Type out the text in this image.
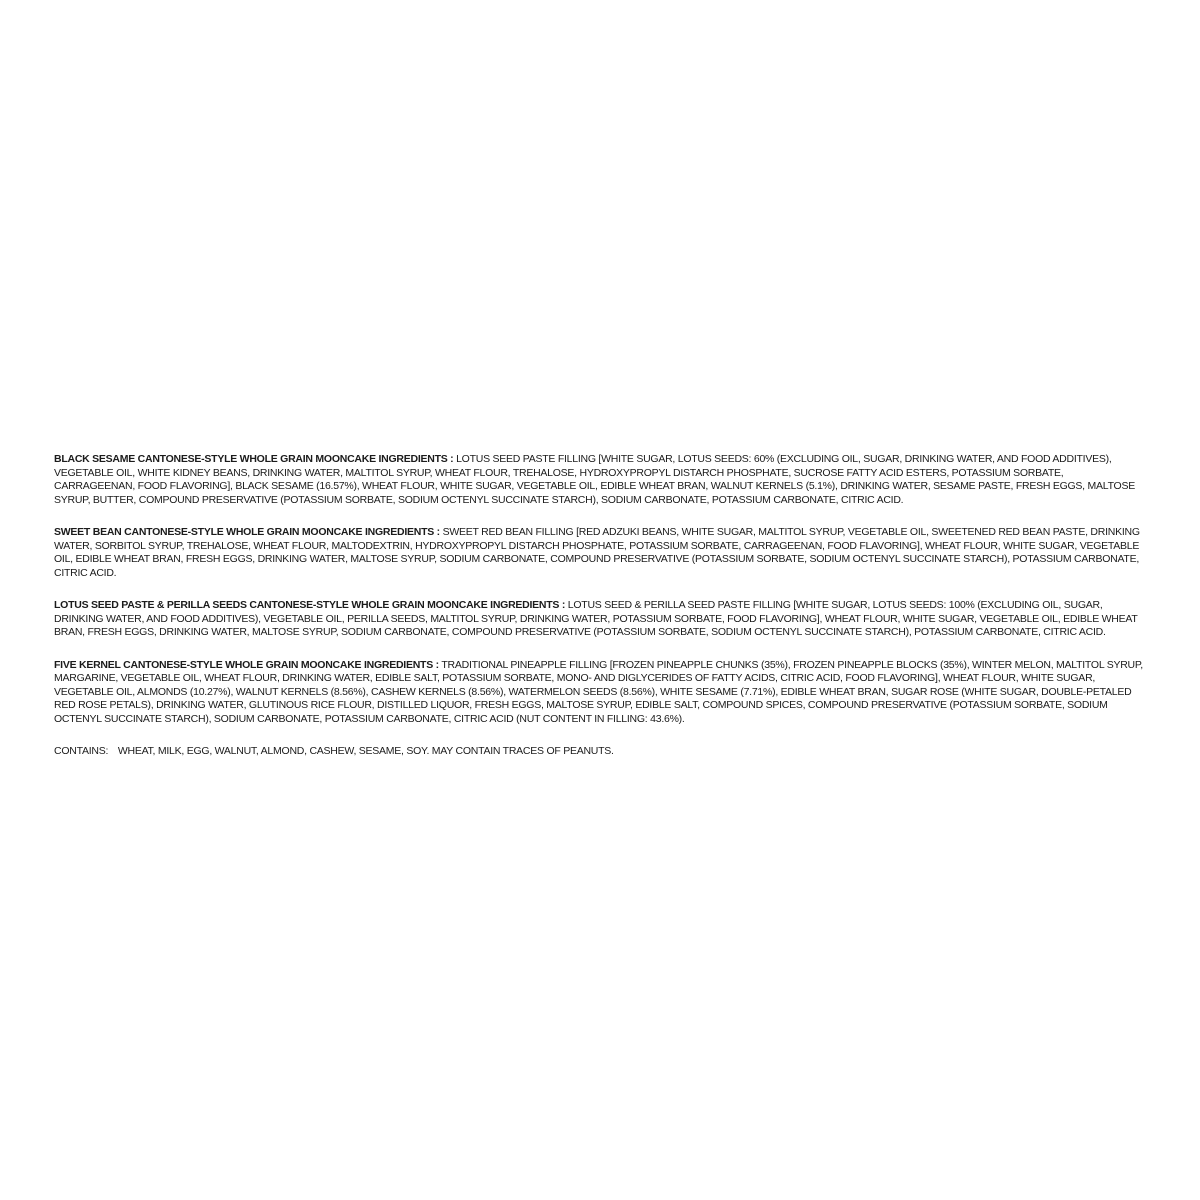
BLACK SESAME CANTONESE-STYLE WHOLE GRAIN MOONCAKE INGREDIENTS : LOTUS SEED PASTE FILLING [WHITE SUGAR, LOTUS SEEDS: 60% (EXCLUDING OIL, SUGAR, DRINKING WATER, AND FOOD ADDITIVES), VEGETABLE OIL, WHITE KIDNEY BEANS, DRINKING WATER, MALTITOL SYRUP, WHEAT FLOUR, TREHALOSE, HYDROXYPROPYL DISTARCH PHOSPHATE, SUCROSE FATTY ACID ESTERS, POTASSIUM SORBATE, CARRAGEENAN, FOOD FLAVORING], BLACK SESAME (16.57%), WHEAT FLOUR, WHITE SUGAR, VEGETABLE OIL, EDIBLE WHEAT BRAN, WALNUT KERNELS (5.1%), DRINKING WATER, SESAME PASTE, FRESH EGGS, MALTOSE SYRUP, BUTTER, COMPOUND PRESERVATIVE (POTASSIUM SORBATE, SODIUM OCTENYL SUCCINATE STARCH), SODIUM CARBONATE, POTASSIUM CARBONATE, CITRIC ACID.

SWEET BEAN CANTONESE-STYLE WHOLE GRAIN MOONCAKE INGREDIENTS : SWEET RED BEAN FILLING [RED ADZUKI BEANS, WHITE SUGAR, MALTITOL SYRUP, VEGETABLE OIL, SWEETENED RED BEAN PASTE, DRINKING WATER, SORBITOL SYRUP, TREHALOSE, WHEAT FLOUR, MALTODEXTRIN, HYDROXYPROPYL DISTARCH PHOSPHATE, POTASSIUM SORBATE, CARRAGEENAN, FOOD FLAVORING], WHEAT FLOUR, WHITE SUGAR, VEGETABLE OIL, EDIBLE WHEAT BRAN, FRESH EGGS, DRINKING WATER, MALTOSE SYRUP, SODIUM CARBONATE, COMPOUND PRESERVATIVE (POTASSIUM SORBATE, SODIUM OCTENYL SUCCINATE STARCH), POTASSIUM CARBONATE, CITRIC ACID.

LOTUS SEED PASTE & PERILLA SEEDS CANTONESE-STYLE WHOLE GRAIN MOONCAKE INGREDIENTS : LOTUS SEED & PERILLA SEED PASTE FILLING [WHITE SUGAR, LOTUS SEEDS: 100% (EXCLUDING OIL, SUGAR, DRINKING WATER, AND FOOD ADDITIVES), VEGETABLE OIL, PERILLA SEEDS, MALTITOL SYRUP, DRINKING WATER, POTASSIUM SORBATE, FOOD FLAVORING], WHEAT FLOUR, WHITE SUGAR, VEGETABLE OIL, EDIBLE WHEAT BRAN, FRESH EGGS, DRINKING WATER, MALTOSE SYRUP, SODIUM CARBONATE, COMPOUND PRESERVATIVE (POTASSIUM SORBATE, SODIUM OCTENYL SUCCINATE STARCH), POTASSIUM CARBONATE, CITRIC ACID.

FIVE KERNEL CANTONESE-STYLE WHOLE GRAIN MOONCAKE INGREDIENTS : TRADITIONAL PINEAPPLE FILLING [FROZEN PINEAPPLE CHUNKS (35%), FROZEN PINEAPPLE BLOCKS (35%), WINTER MELON, MALTITOL SYRUP, MARGARINE, VEGETABLE OIL, WHEAT FLOUR, DRINKING WATER, EDIBLE SALT, POTASSIUM SORBATE, MONO- AND DIGLYCERIDES OF FATTY ACIDS, CITRIC ACID, FOOD FLAVORING], WHEAT FLOUR, WHITE SUGAR, VEGETABLE OIL, ALMONDS (10.27%), WALNUT KERNELS (8.56%), CASHEW KERNELS (8.56%), WATERMELON SEEDS (8.56%), WHITE SESAME (7.71%), EDIBLE WHEAT BRAN, SUGAR ROSE (WHITE SUGAR, DOUBLE-PETALED RED ROSE PETALS), DRINKING WATER, GLUTINOUS RICE FLOUR, DISTILLED LIQUOR, FRESH EGGS, MALTOSE SYRUP, EDIBLE SALT, COMPOUND SPICES, COMPOUND PRESERVATIVE (POTASSIUM SORBATE, SODIUM OCTENYL SUCCINATE STARCH), SODIUM CARBONATE, POTASSIUM CARBONATE, CITRIC ACID (NUT CONTENT IN FILLING: 43.6%).

CONTAINS: WHEAT, MILK, EGG, WALNUT, ALMOND, CASHEW, SESAME, SOY. MAY CONTAIN TRACES OF PEANUTS.
